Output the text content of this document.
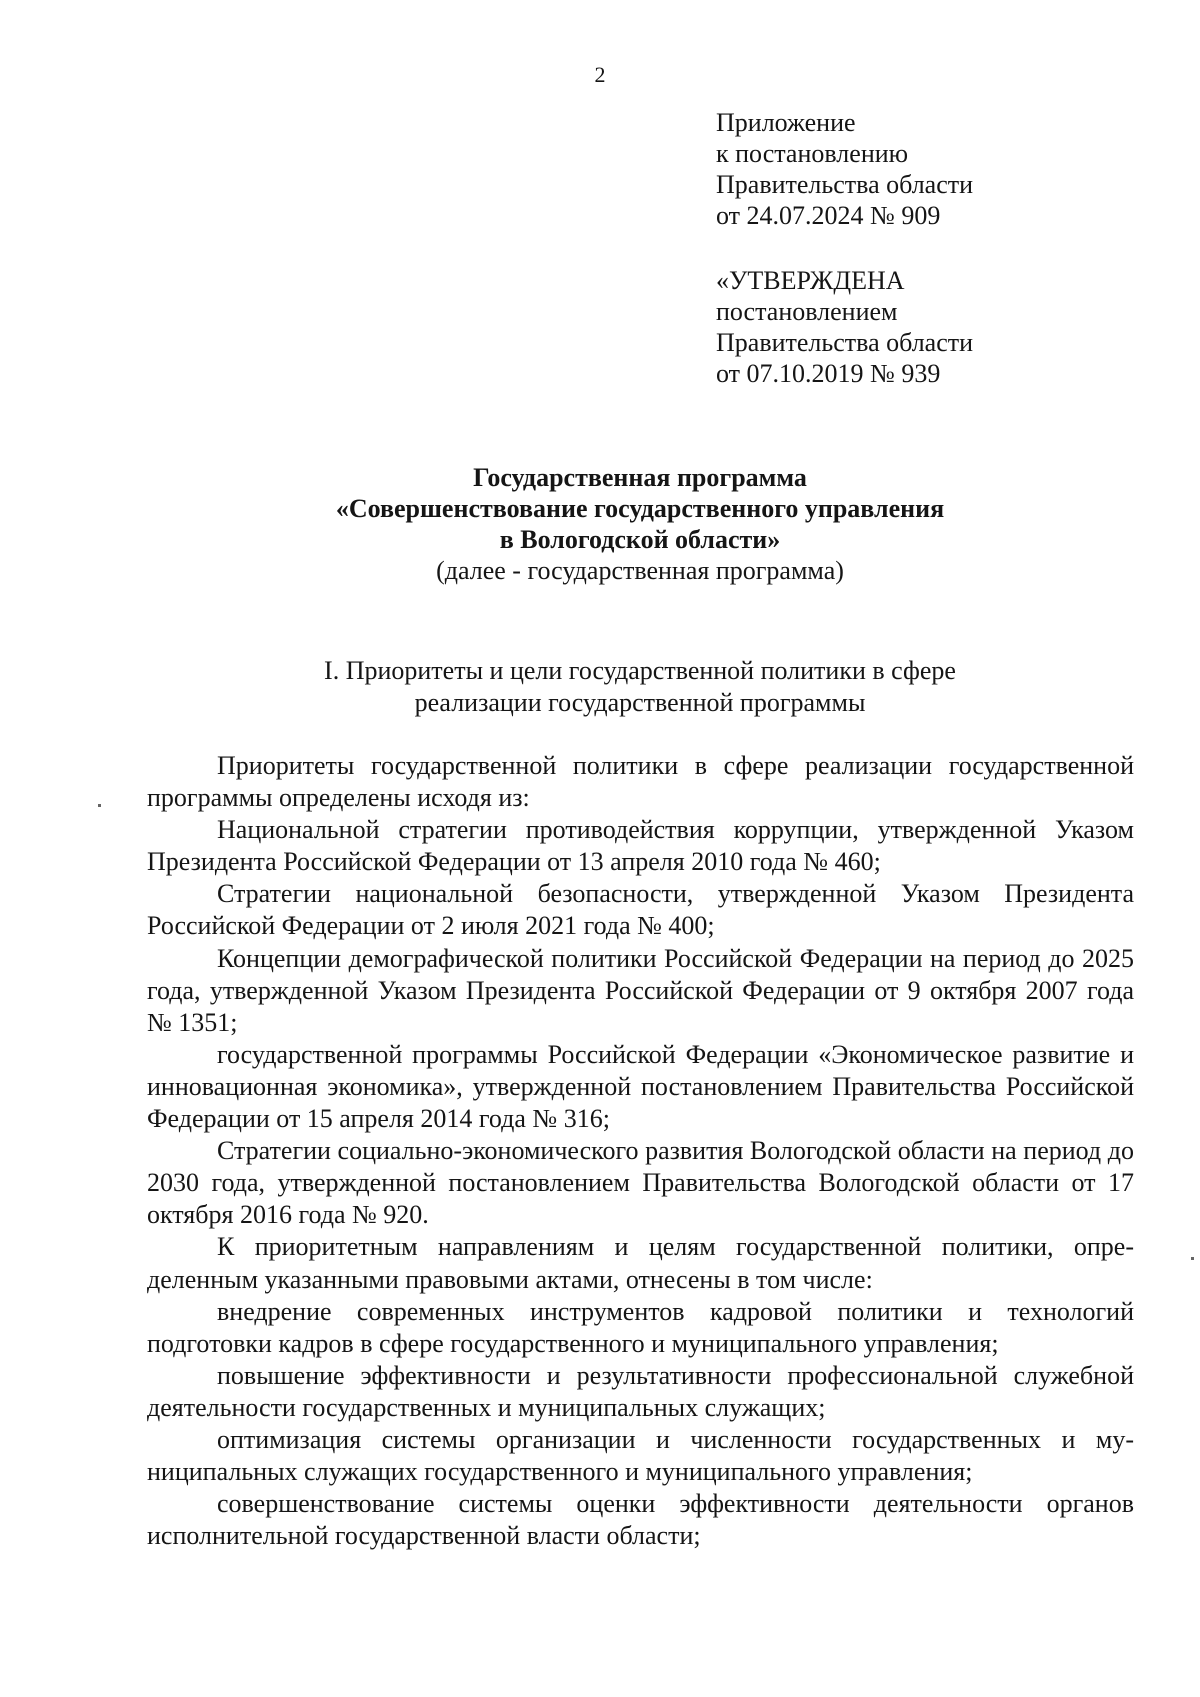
2
Приложение
к постановлению
Правительства области
от 24.07.2024 № 909
«УТВЕРЖДЕНА
постановлением
Правительства области
от 07.10.2019 № 939
Государственная программа
«Совершенствование государственного управления
в Вологодской области»
(далее - государственная программа)
I. Приоритеты и цели государственной политики в сфере
реализации государственной программы

Приоритеты государственной политики в сфере реализации государственной программы определены исходя из:

Национальной стратегии противодействия коррупции, утвержденной Указом Президента Российской Федерации от 13 апреля 2010 года № 460;

Стратегии национальной безопасности, утвержденной Указом Президента Российской Федерации от 2 июля 2021 года № 400;

Концепции демографической политики Российской Федерации на период до 2025 года, утвержденной Указом Президента Российской Федерации от 9 октября 2007 года № 1351;

государственной программы Российской Федерации «Экономическое развитие и инновационная экономика», утвержденной постановлением Правительства Российской Федерации от 15 апреля 2014 года № 316;

Стратегии социально-экономического развития Вологодской области на период до 2030 года, утвержденной постановлением Правительства Вологодской области от 17 октября 2016 года № 920.

К приоритетным направлениям и целям государственной политики, определенным указанными правовыми актами, отнесены в том числе:

внедрение современных инструментов кадровой политики и технологий подготовки кадров в сфере государственного и муниципального управления;

повышение эффективности и результативности профессиональной служебной деятельности государственных и муниципальных служащих;

оптимизация системы организации и численности государственных и муниципальных служащих государственного и муниципального управления;

совершенствование системы оценки эффективности деятельности органов исполнительной государственной власти области;
